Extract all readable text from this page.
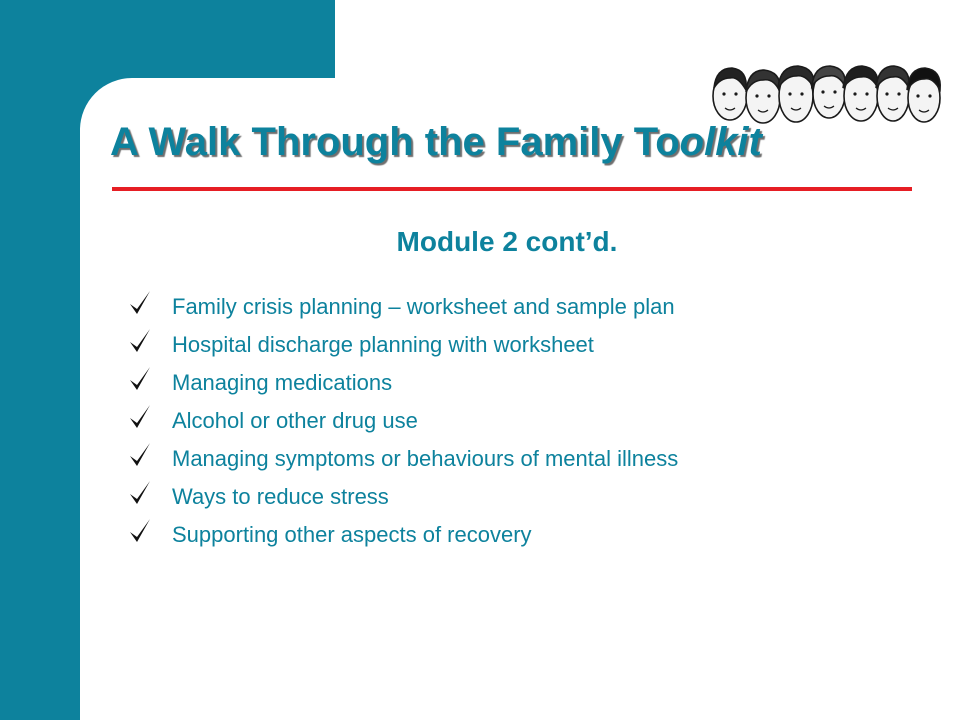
A Walk Through the Family Toolkit
Module 2 cont’d.
Family crisis planning – worksheet and sample plan
Hospital discharge planning with worksheet
Managing medications
Alcohol or other drug use
Managing symptoms or behaviours of mental illness
Ways to reduce stress
Supporting other aspects of recovery
